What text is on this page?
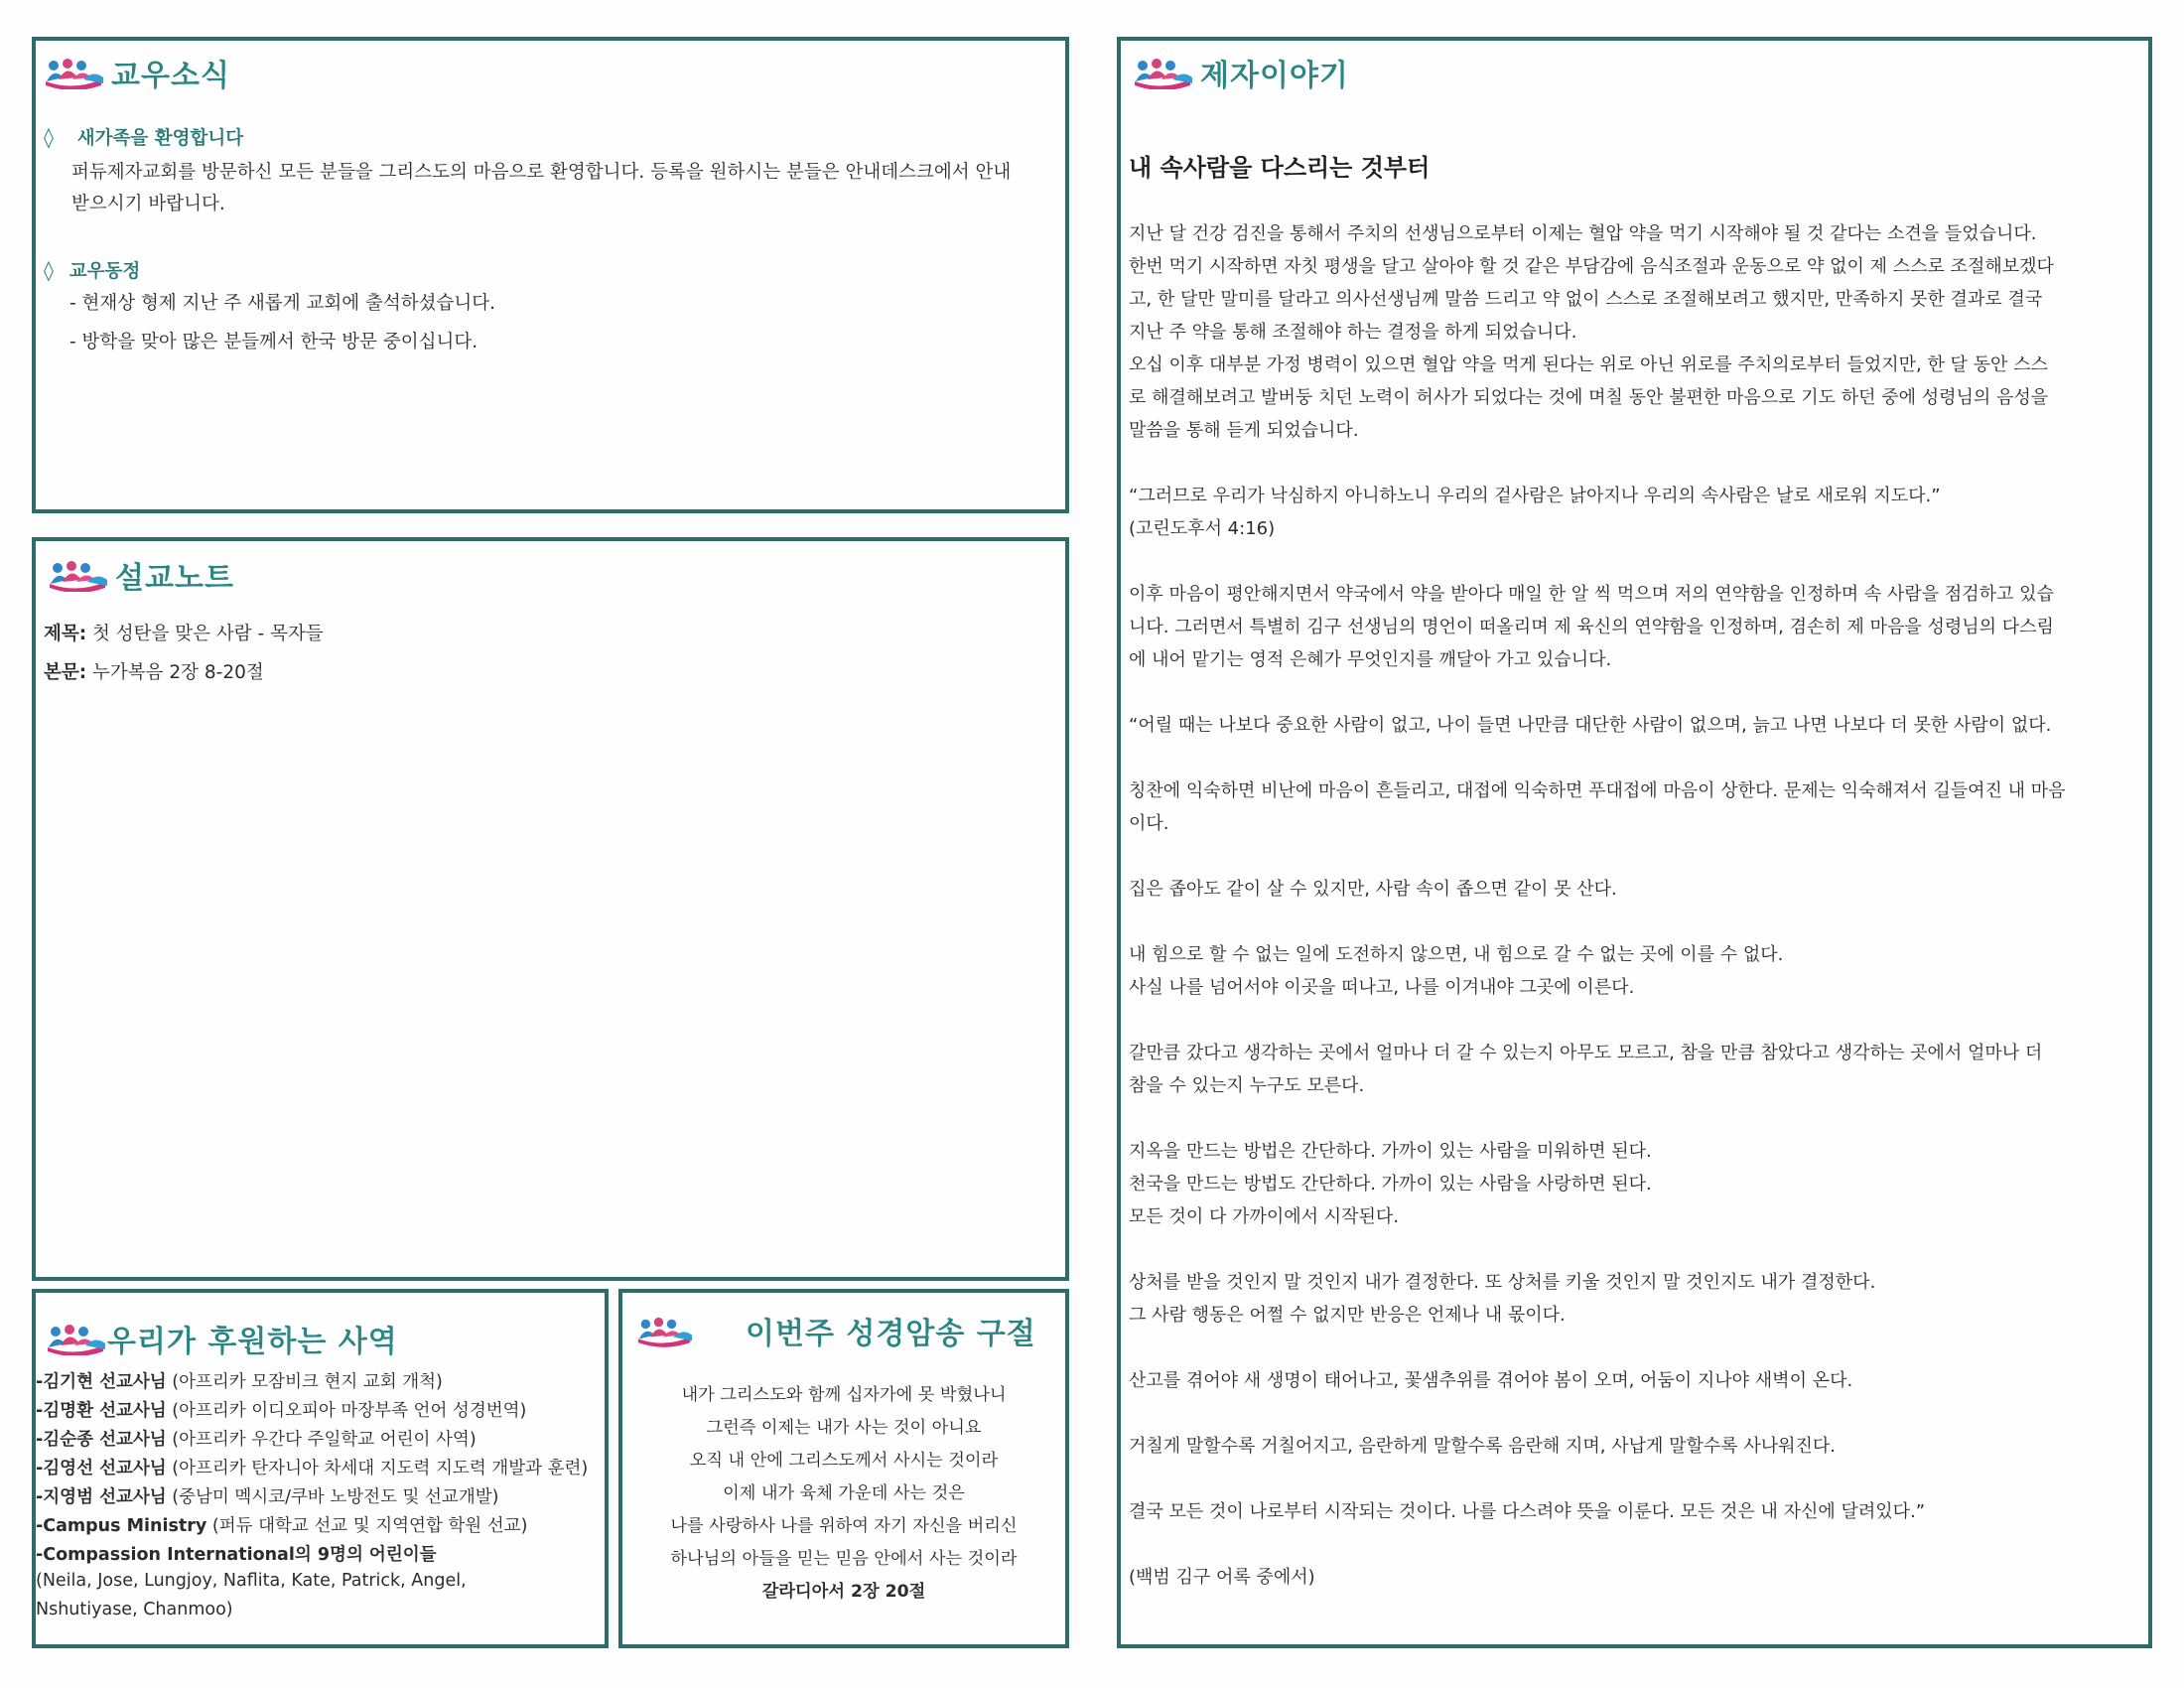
교우소식
◊ 새가족을 환영합니다
퍼듀제자교회를 방문하신 모든 분들을 그리스도의 마음으로 환영합니다. 등록을 원하시는 분들은 안내데스크에서 안내
받으시기 바랍니다.
◊ 교우동정
- 현재상 형제 지난 주 새롭게 교회에 출석하셨습니다.
- 방학을 맞아 많은 분들께서 한국 방문 중이십니다.
설교노트
제목: 첫 성탄을 맞은 사람 - 목자들
본문: 누가복음 2장 8-20절
우리가 후원하는 사역
-김기현 선교사님 (아프리카 모잠비크 현지 교회 개척)
-김명환 선교사님 (아프리카 이디오피아 마장부족 언어 성경번역)
-김순종 선교사님 (아프리카 우간다 주일학교 어린이 사역)
-김영선 선교사님 (아프리카 탄자니아 차세대 지도력 지도력 개발과 훈련)
-지영범 선교사님 (중남미 멕시코/쿠바 노방전도 및 선교개발)
-Campus Ministry (퍼듀 대학교 선교 및 지역연합 학원 선교)
-Compassion International의 9명의 어린이들
(Neila, Jose, Lungjoy, Naflita, Kate, Patrick, Angel,
Nshutiyase, Chanmoo)
이번주 성경암송 구절
내가 그리스도와 함께 십자가에 못 박혔나니
그런즉 이제는 내가 사는 것이 아니요
오직 내 안에 그리스도께서 사시는 것이라
이제 내가 육체 가운데 사는 것은
나를 사랑하사 나를 위하여 자기 자신을 버리신
하나님의 아들을 믿는 믿음 안에서 사는 것이라
갈라디아서 2장 20절
제자이야기
내 속사람을 다스리는 것부터
지난 달 건강 검진을 통해서 주치의 선생님으로부터 이제는 혈압 약을 먹기 시작해야 될 것 같다는 소견을 들었습니다.
한번 먹기 시작하면 자칫 평생을 달고 살아야 할 것 같은 부담감에 음식조절과 운동으로 약 없이 제 스스로 조절해보겠다
고, 한 달만 말미를 달라고 의사선생님께 말씀 드리고 약 없이 스스로 조절해보려고 했지만, 만족하지 못한 결과로 결국
지난 주 약을 통해 조절해야 하는 결정을 하게 되었습니다.
오십 이후 대부분 가정 병력이 있으면 혈압 약을 먹게 된다는 위로 아닌 위로를 주치의로부터 들었지만, 한 달 동안 스스
로 해결해보려고 발버둥 치던 노력이 허사가 되었다는 것에 며칠 동안 불편한 마음으로 기도 하던 중에 성령님의 음성을
말씀을 통해 듣게 되었습니다.
“그러므로 우리가 낙심하지 아니하노니 우리의 겉사람은 낡아지나 우리의 속사람은 날로 새로워 지도다.”
(고린도후서 4:16)
이후 마음이 평안해지면서 약국에서 약을 받아다 매일 한 알 씩 먹으며 저의 연약함을 인정하며 속 사람을 점검하고 있습
니다. 그러면서 특별히 김구 선생님의 명언이 떠올리며 제 육신의 연약함을 인정하며, 겸손히 제 마음을 성령님의 다스림
에 내어 맡기는 영적 은혜가 무엇인지를 깨달아 가고 있습니다.
“어릴 때는 나보다 중요한 사람이 없고, 나이 들면 나만큼 대단한 사람이 없으며, 늙고 나면 나보다 더 못한 사람이 없다.
칭찬에 익숙하면 비난에 마음이 흔들리고, 대접에 익숙하면 푸대접에 마음이 상한다. 문제는 익숙해져서 길들여진 내 마음
이다.
집은 좁아도 같이 살 수 있지만, 사람 속이 좁으면 같이 못 산다.
내 힘으로 할 수 없는 일에 도전하지 않으면, 내 힘으로 갈 수 없는 곳에 이를 수 없다.
사실 나를 넘어서야 이곳을 떠나고, 나를 이겨내야 그곳에 이른다.
갈만큼 갔다고 생각하는 곳에서 얼마나 더 갈 수 있는지 아무도 모르고, 참을 만큼 참았다고 생각하는 곳에서 얼마나 더
참을 수 있는지 누구도 모른다.
지옥을 만드는 방법은 간단하다. 가까이 있는 사람을 미워하면 된다.
천국을 만드는 방법도 간단하다. 가까이 있는 사람을 사랑하면 된다.
모든 것이 다 가까이에서 시작된다.
상처를 받을 것인지 말 것인지 내가 결정한다. 또 상처를 키울 것인지 말 것인지도 내가 결정한다.
그 사람 행동은 어쩔 수 없지만 반응은 언제나 내 몫이다.
산고를 겪어야 새 생명이 태어나고, 꽃샘추위를 겪어야 봄이 오며, 어둠이 지나야 새벽이 온다.
거칠게 말할수록 거칠어지고, 음란하게 말할수록 음란해 지며, 사납게 말할수록 사나워진다.
결국 모든 것이 나로부터 시작되는 것이다. 나를 다스려야 뜻을 이룬다. 모든 것은 내 자신에 달려있다.”
(백범 김구 어록 중에서)
